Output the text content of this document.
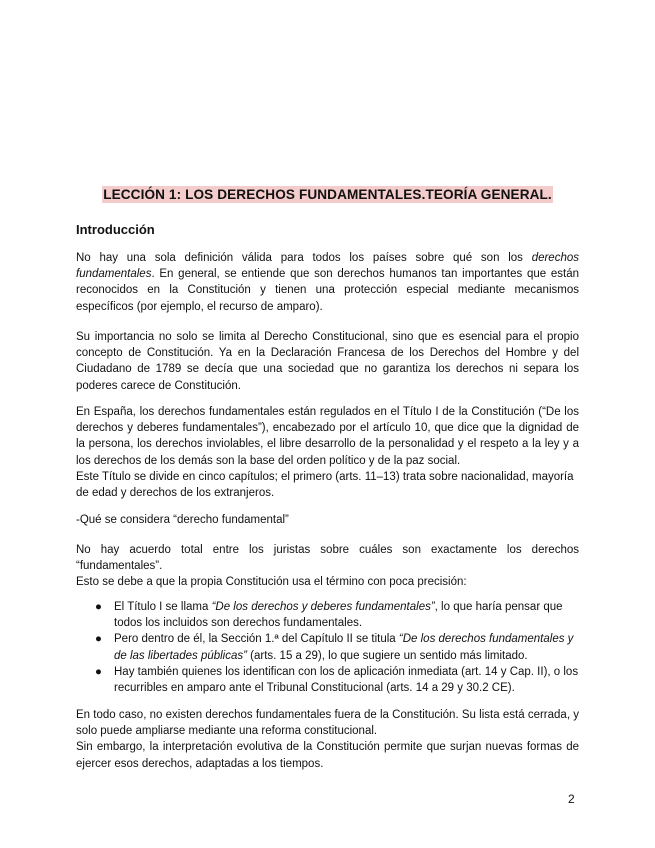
LECCIÓN 1: LOS DERECHOS FUNDAMENTALES.TEORÍA GENERAL.
Introducción

No hay una sola definición válida para todos los países sobre qué son los derechos fundamentales. En general, se entiende que son derechos humanos tan importantes que están reconocidos en la Constitución y tienen una protección especial mediante mecanismos específicos (por ejemplo, el recurso de amparo).

Su importancia no solo se limita al Derecho Constitucional, sino que es esencial para el propio concepto de Constitución. Ya en la Declaración Francesa de los Derechos del Hombre y del Ciudadano de 1789 se decía que una sociedad que no garantiza los derechos ni separa los poderes carece de Constitución.

En España, los derechos fundamentales están regulados en el Título I de la Constitución (“De los derechos y deberes fundamentales”), encabezado por el artículo 10, que dice que la dignidad de la persona, los derechos inviolables, el libre desarrollo de la personalidad y el respeto a la ley y a los derechos de los demás son la base del orden político y de la paz social.

Este Título se divide en cinco capítulos; el primero (arts. 11–13) trata sobre nacionalidad, mayoría de edad y derechos de los extranjeros.

-Qué se considera “derecho fundamental”

No hay acuerdo total entre los juristas sobre cuáles son exactamente los derechos “fundamentales”.

Esto se debe a que la propia Constitución usa el término con poca precisión:

● El Título I se llama “De los derechos y deberes fundamentales”, lo que haría pensar que todos los incluidos son derechos fundamentales.
● Pero dentro de él, la Sección 1.ª del Capítulo II se titula “De los derechos fundamentales y de las libertades públicas” (arts. 15 a 29), lo que sugiere un sentido más limitado.
● Hay también quienes los identifican con los de aplicación inmediata (art. 14 y Cap. II), o los recurribles en amparo ante el Tribunal Constitucional (arts. 14 a 29 y 30.2 CE).

En todo caso, no existen derechos fundamentales fuera de la Constitución. Su lista está cerrada, y solo puede ampliarse mediante una reforma constitucional.

Sin embargo, la interpretación evolutiva de la Constitución permite que surjan nuevas formas de ejercer esos derechos, adaptadas a los tiempos.

2
